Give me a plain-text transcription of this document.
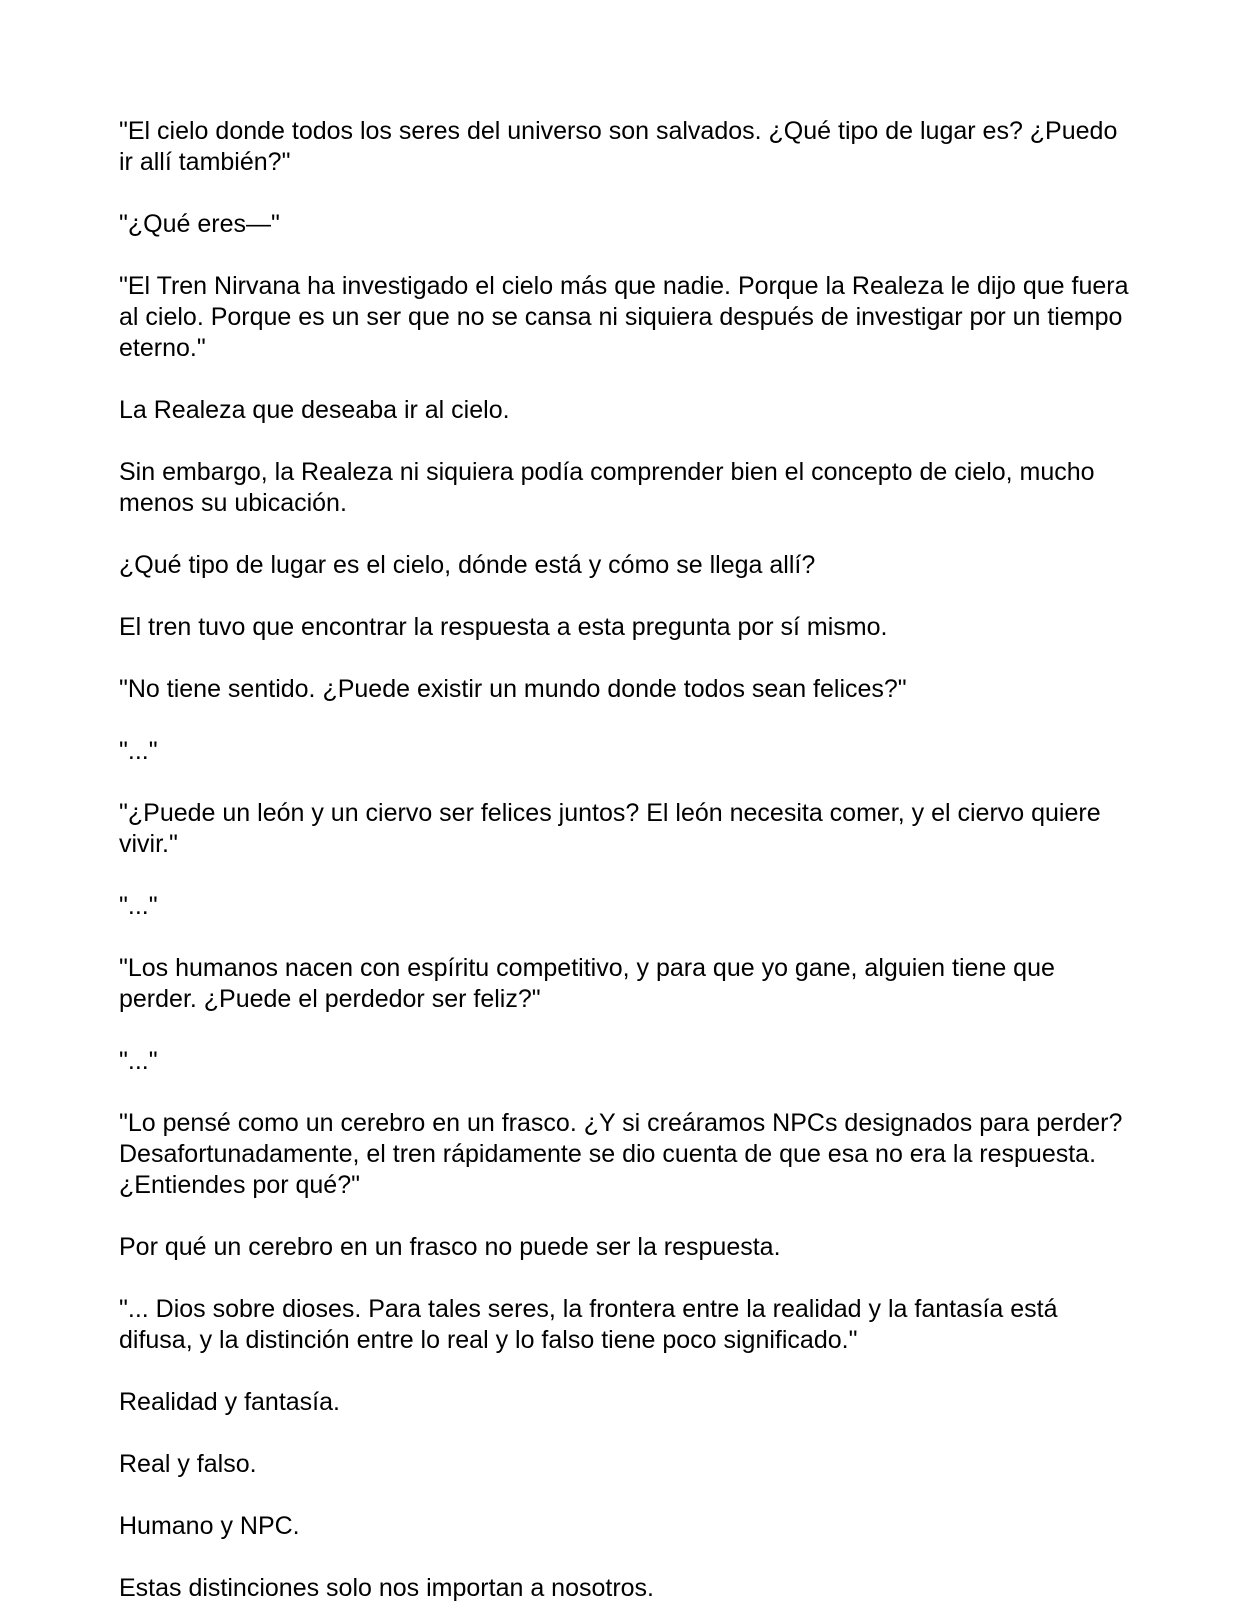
"El cielo donde todos los seres del universo son salvados. ¿Qué tipo de lugar es? ¿Puedo ir allí también?"

"¿Qué eres—"

"El Tren Nirvana ha investigado el cielo más que nadie. Porque la Realeza le dijo que fuera al cielo. Porque es un ser que no se cansa ni siquiera después de investigar por un tiempo eterno."

La Realeza que deseaba ir al cielo.

Sin embargo, la Realeza ni siquiera podía comprender bien el concepto de cielo, mucho menos su ubicación.

¿Qué tipo de lugar es el cielo, dónde está y cómo se llega allí?

El tren tuvo que encontrar la respuesta a esta pregunta por sí mismo.

"No tiene sentido. ¿Puede existir un mundo donde todos sean felices?"

"..."

"¿Puede un león y un ciervo ser felices juntos? El león necesita comer, y el ciervo quiere vivir."

"..."

"Los humanos nacen con espíritu competitivo, y para que yo gane, alguien tiene que perder. ¿Puede el perdedor ser feliz?"

"..."

"Lo pensé como un cerebro en un frasco. ¿Y si creáramos NPCs designados para perder? Desafortunadamente, el tren rápidamente se dio cuenta de que esa no era la respuesta. ¿Entiendes por qué?"

Por qué un cerebro en un frasco no puede ser la respuesta.

"... Dios sobre dioses. Para tales seres, la frontera entre la realidad y la fantasía está difusa, y la distinción entre lo real y lo falso tiene poco significado."

Realidad y fantasía.

Real y falso.

Humano y NPC.

Estas distinciones solo nos importan a nosotros.
